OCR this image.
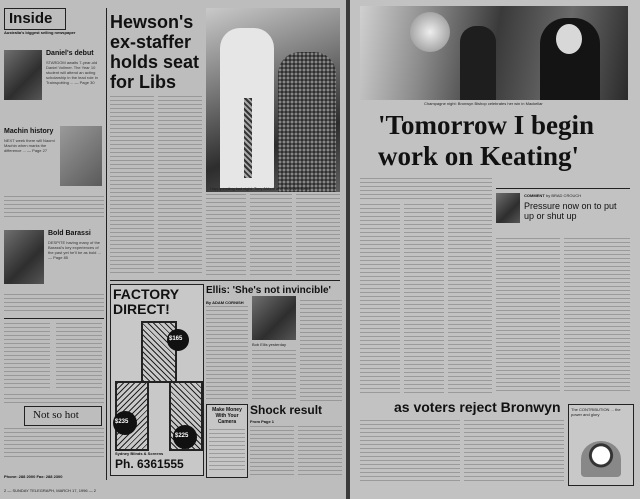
Inside
Australia's biggest selling newspaper
Daniel's debut
STARDOM awaits 7-year-old Daniel Vollmer. The Year 10 student will attend an acting scholarship in the lead role in Trainspotting ... — Page 30
Machin history
NEXT week there will Naomi Machin when marks the difference ... — Page 27
Bold Barassi
DESPITE having many of the Barassi's key experiences of the past yet he'll be as bold ... — Page 85
Not so hot
Phone: 288 2000 Fax: 288 2300
Hewson's ex-staffer holds seat for Libs
Happy ending last night: Tony Abbott and his wife Margie
FACTORY DIRECT!
$165
$235
$225
Sydney Blinds & Screens
Ph. 6361555
Ellis: 'She's not invincible'
By ADAM CORNISH
Bob Ellis yesterday
Make Money With Your Camera
Shock result
From Page 1
2 — SUNDAY TELEGRAPH, MARCH 17, 1996 — 2
Champagne night: Bronwyn Bishop celebrates her win in Mackellar
'Tomorrow I begin work on Keating'
COMMENT by BRAD CROUCH
Pressure now on to put up or shut up
as voters reject Bronwyn	The CONTRIBUTION ... the power and glory
